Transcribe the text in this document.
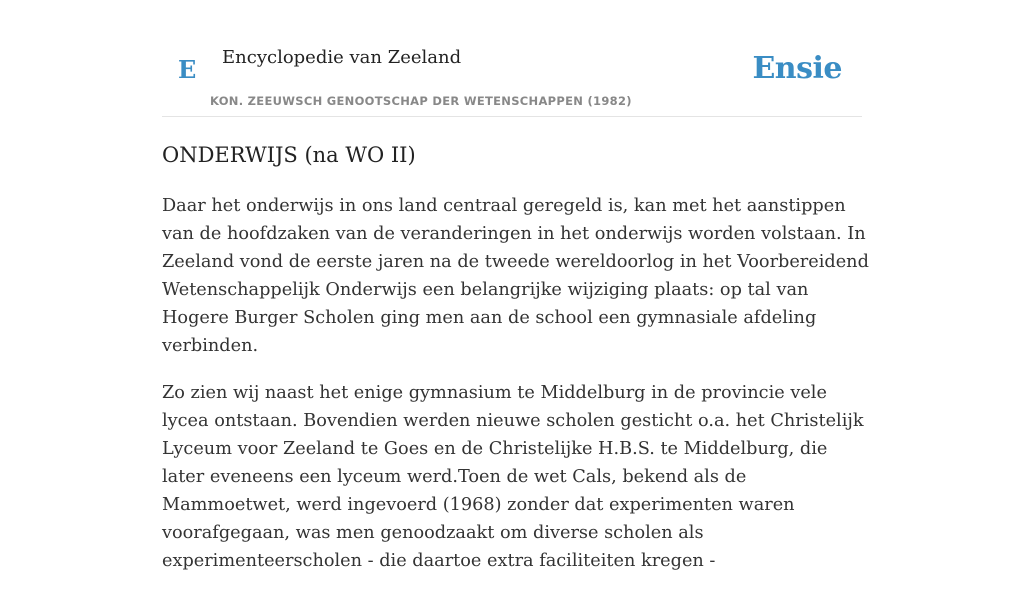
E Encyclopedie van Zeeland
KON. ZEEUWSCH GENOOTSCHAP DER WETENSCHAPPEN (1982)
Ensie
ONDERWIJS (na WO II)

Daar het onderwijs in ons land centraal geregeld is, kan met het aanstippen van de hoofdzaken van de veranderingen in het onderwijs worden volstaan. In Zeeland vond de eerste jaren na de tweede wereldoorlog in het Voorbereidend Wetenschappelijk Onderwijs een belangrijke wijziging plaats: op tal van Hogere Burger Scholen ging men aan de school een gymnasiale afdeling verbinden.

Zo zien wij naast het enige gymnasium te Middelburg in de provincie vele lycea ontstaan. Bovendien werden nieuwe scholen gesticht o.a. het Christelijk Lyceum voor Zeeland te Goes en de Christelijke H.B.S. te Middelburg, die later eveneens een lyceum werd.Toen de wet Cals, bekend als de Mammoetwet, werd ingevoerd (1968) zonder dat experimenten waren voorafgegaan, was men genoodzaakt om diverse scholen als experimenteerscholen - die daartoe extra faciliteiten kregen -
